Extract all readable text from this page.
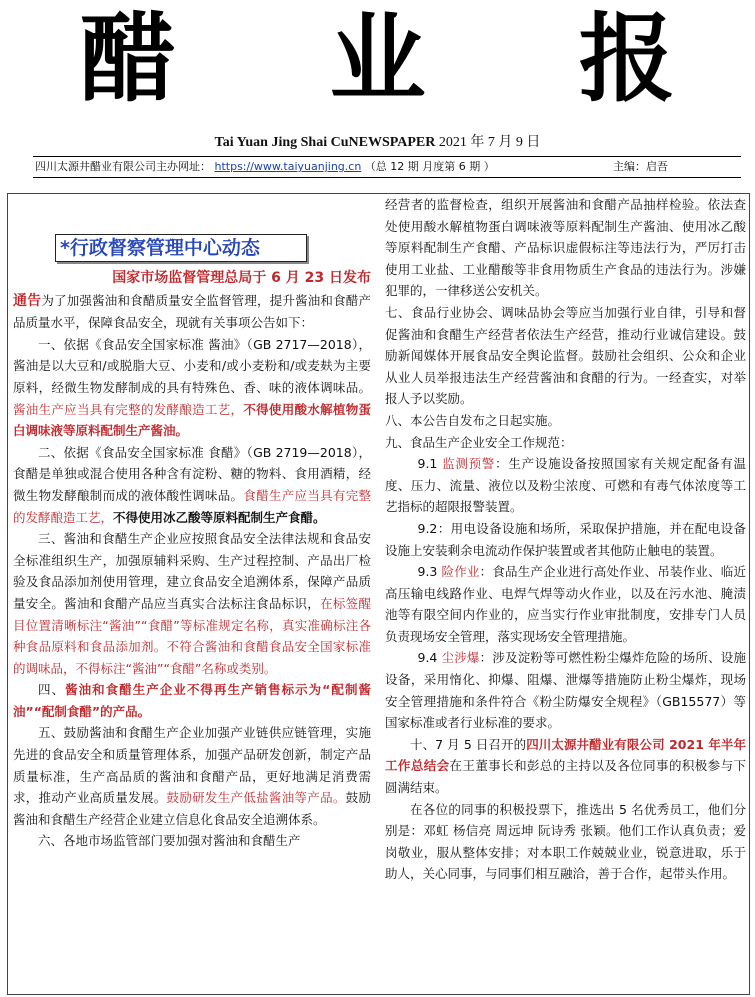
醋 业 报
Tai Yuan Jing Shai CuNEWSPAPER 2021 年 7 月 9 日
四川太源井醋业有限公司主办网址： https://www.taiyuanjing.cn （总 12 期 月度第 6 期 ）	主编：启吾
*行政督察管理中心动态

国家市场监督管理总局于 6 月 23 日发布

通告为了加强酱油和食醋质量安全监督管理，提升酱油和食醋产品质量水平，保障食品安全，现就有关事项公告如下：

一、依据《食品安全国家标准 酱油》（GB 2717—2018），酱油是以大豆和/或脱脂大豆、小麦和/或小麦粉和/或麦麸为主要原料，经微生物发酵制成的具有特殊色、香、味的液体调味品。酱油生产应当具有完整的发酵酿造工艺，不得使用酸水解植物蛋白调味液等原料配制生产酱油。

二、依据《食品安全国家标准 食醋》（GB 2719—2018），食醋是单独或混合使用各种含有淀粉、糖的物料、食用酒精，经微生物发酵酿制而成的液体酸性调味品。食醋生产应当具有完整的发酵酿造工艺，不得使用冰乙酸等原料配制生产食醋。

三、酱油和食醋生产企业应按照食品安全法律法规和食品安全标准组织生产，加强原辅料采购、生产过程控制、产品出厂检验及食品添加剂使用管理，建立食品安全追溯体系，保障产品质量安全。酱油和食醋产品应当真实合法标注食品标识，在标签醒目位置清晰标注“酱油”“食醋”等标准规定名称，真实准确标注各种食品原料和食品添加剂。不符合酱油和食醋食品安全国家标准的调味品，不得标注“酱油”“食醋”名称或类别。

四、酱油和食醋生产企业不得再生产销售标示为“配制酱油”“配制食醋”的产品。

五、鼓励酱油和食醋生产企业加强产业链供应链管理，实施先进的食品安全和质量管理体系，加强产品研发创新，制定产品质量标准，生产高品质的酱油和食醋产品，更好地满足消费需求，推动产业高质量发展。鼓励研发生产低盐酱油等产品。鼓励酱油和食醋生产经营企业建立信息化食品安全追溯体系。

六、各地市场监管部门要加强对酱油和食醋生产

经营者的监督检查，组织开展酱油和食醋产品抽样检验。依法查处使用酸水解植物蛋白调味液等原料配制生产酱油、使用冰乙酸等原料配制生产食醋、产品标识虚假标注等违法行为，严厉打击使用工业盐、工业醋酸等非食用物质生产食品的违法行为。涉嫌犯罪的，一律移送公安机关。

七、食品行业协会、调味品协会等应当加强行业自律，引导和督促酱油和食醋生产经营者依法生产经营，推动行业诚信建设。鼓励新闻媒体开展食品安全舆论监督。鼓励社会组织、公众和企业从业人员举报违法生产经营酱油和食醋的行为。一经查实，对举报人予以奖励。

八、本公告自发布之日起实施。

九、食品生产企业安全工作规范：

9.1 监测预警：生产设施设备按照国家有关规定配备有温度、压力、流量、液位以及粉尘浓度、可燃和有毒气体浓度等工艺指标的超限报警装置。

9.2：用电设备设施和场所，采取保护措施，并在配电设备设施上安装剩余电流动作保护装置或者其他防止触电的装置。

9.3 险作业：食品生产企业进行高处作业、吊装作业、临近高压输电线路作业、电焊气焊等动火作业，以及在污水池、腌渍池等有限空间内作业的，应当实行作业审批制度，安排专门人员负责现场安全管理，落实现场安全管理措施。

9.4 尘涉爆：涉及淀粉等可燃性粉尘爆炸危险的场所、设施设备，采用惰化、抑爆、阻爆、泄爆等措施防止粉尘爆炸，现场安全管理措施和条件符合《粉尘防爆安全规程》（GB15577）等国家标准或者行业标准的要求。

十、7 月 5 日召开的四川太源井醋业有限公司 2021 年半年工作总结会在王董事长和彭总的主持以及各位同事的积极参与下圆满结束。

在各位的同事的积极投票下，推选出 5 名优秀员工，他们分别是：邓虹 杨信亮 周远坤 阮诗秀 张颖。他们工作认真负责；爱岗敬业，服从整体安排；对本职工作兢兢业业，锐意进取，乐于助人，关心同事，与同事们相互融洽，善于合作，起带头作用。
